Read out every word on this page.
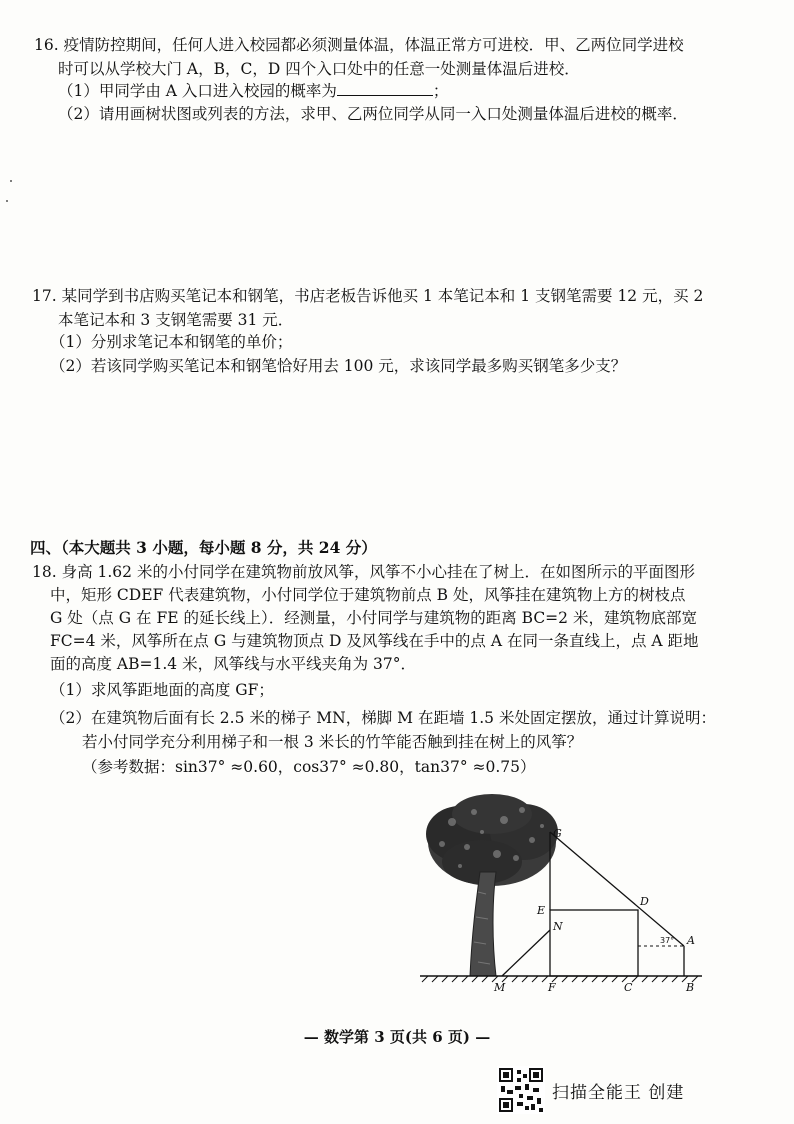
16. 疫情防控期间，任何人进入校园都必须测量体温，体温正常方可进校．甲、乙两位同学进校
时可以从学校大门 A，B，C，D 四个入口处中的任意一处测量体温后进校．
（1）甲同学由 A 入口进入校园的概率为	；
（2）请用画树状图或列表的方法，求甲、乙两位同学从同一入口处测量体温后进校的概率．
17. 某同学到书店购买笔记本和钢笔，书店老板告诉他买 1 本笔记本和 1 支钢笔需要 12 元，买 2
本笔记本和 3 支钢笔需要 31 元．
（1）分别求笔记本和钢笔的单价；
（2）若该同学购买笔记本和钢笔恰好用去 100 元，求该同学最多购买钢笔多少支？
四、（本大题共 3 小题，每小题 8 分，共 24 分）
18. 身高 1.62 米的小付同学在建筑物前放风筝，风筝不小心挂在了树上．在如图所示的平面图形
中，矩形 CDEF 代表建筑物，小付同学位于建筑物前点 B 处，风筝挂在建筑物上方的树枝点
G 处（点 G 在 FE 的延长线上）．经测量，小付同学与建筑物的距离 BC=2 米，建筑物底部宽
FC=4 米，风筝所在点 G 与建筑物顶点 D 及风筝线在手中的点 A 在同一条直线上，点 A 距地
面的高度 AB=1.4 米，风筝线与水平线夹角为 37°．
（1）求风筝距地面的高度 GF；
（2）在建筑物后面有长 2.5 米的梯子 MN，梯脚 M 在距墙 1.5 米处固定摆放，通过计算说明：
若小付同学充分利用梯子和一根 3 米长的竹竿能否触到挂在树上的风筝？
（参考数据：sin37° ≈0.60，cos37° ≈0.80，tan37° ≈0.75）
G
D
E
N
A
M	F	C	B
37°
— 数学第 3 页(共 6 页) —
扫描全能王 创建
